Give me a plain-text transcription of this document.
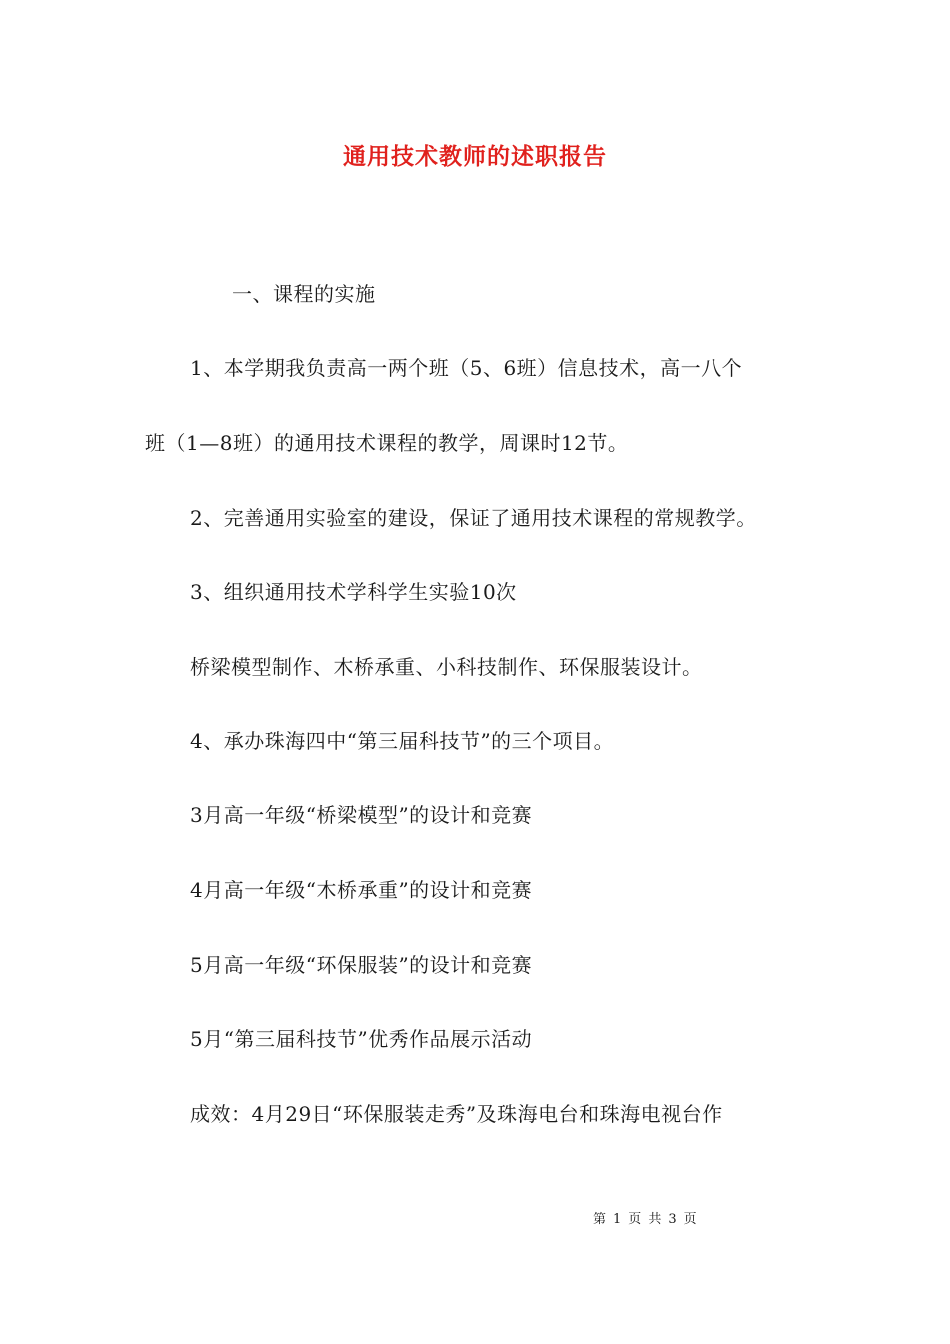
通用技术教师的述职报告
一、课程的实施
1、本学期我负责高一两个班（5、6班）信息技术，高一八个
班（1—8班）的通用技术课程的教学，周课时12节。
2、完善通用实验室的建设，保证了通用技术课程的常规教学。
3、组织通用技术学科学生实验10次
桥梁模型制作、木桥承重、小科技制作、环保服装设计。
4、承办珠海四中“第三届科技节”的三个项目。
3月高一年级“桥梁模型”的设计和竞赛
4月高一年级“木桥承重”的设计和竞赛
5月高一年级“环保服装”的设计和竞赛
5月“第三届科技节”优秀作品展示活动
成效：4月29日“环保服装走秀”及珠海电台和珠海电视台作
第 1 页 共 3 页
